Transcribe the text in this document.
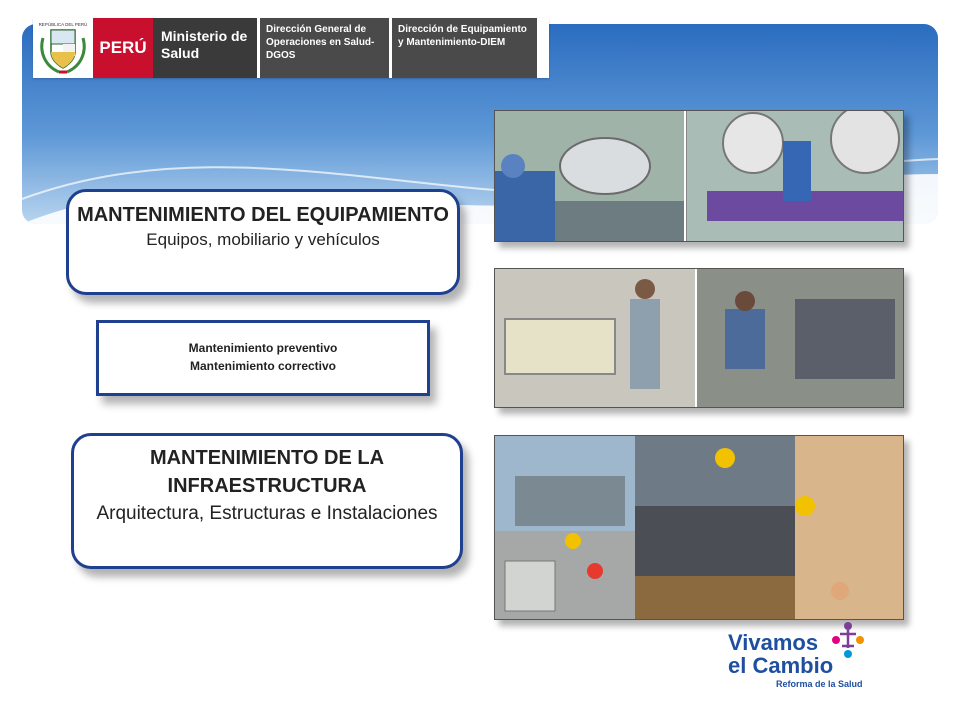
REPÚBLICA DEL PERÚ
PERÚ
Ministerio de Salud
Dirección General de Operaciones en Salud-DGOS
Dirección de Equipamiento y Mantenimiento-DIEM
MANTENIMIENTO DEL EQUIPAMIENTO
Equipos, mobiliario y vehículos
Mantenimiento preventivo
Mantenimiento correctivo
MANTENIMIENTO DE LA INFRAESTRUCTURA
Arquitectura, Estructuras e Instalaciones
Vivamos
el Cambio
Reforma de la Salud
